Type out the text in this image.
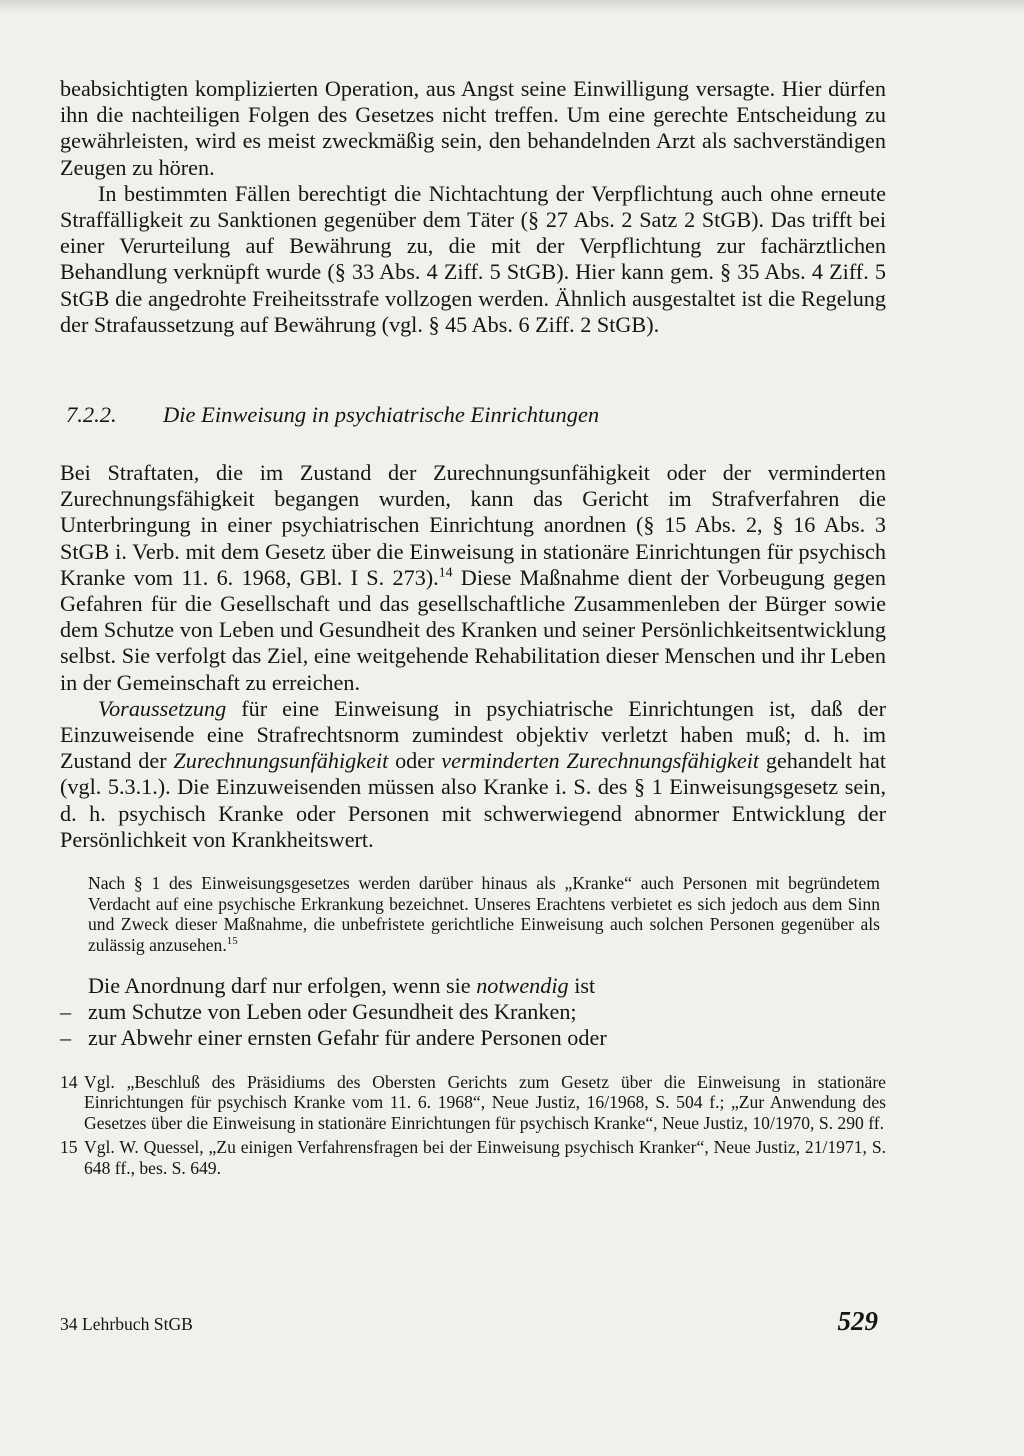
beabsichtigten komplizierten Operation, aus Angst seine Einwilligung versagte. Hier dürfen ihn die nachteiligen Folgen des Gesetzes nicht treffen. Um eine gerechte Entscheidung zu gewährleisten, wird es meist zweckmäßig sein, den behandelnden Arzt als sachverständigen Zeugen zu hören.

In bestimmten Fällen berechtigt die Nichtachtung der Verpflichtung auch ohne erneute Straffälligkeit zu Sanktionen gegenüber dem Täter (§ 27 Abs. 2 Satz 2 StGB). Das trifft bei einer Verurteilung auf Bewährung zu, die mit der Verpflichtung zur fachärztlichen Behandlung verknüpft wurde (§ 33 Abs. 4 Ziff. 5 StGB). Hier kann gem. § 35 Abs. 4 Ziff. 5 StGB die angedrohte Freiheitsstrafe vollzogen werden. Ähnlich ausgestaltet ist die Regelung der Strafaussetzung auf Bewährung (vgl. § 45 Abs. 6 Ziff. 2 StGB).

7.2.2.	Die Einweisung in psychiatrische Einrichtungen

Bei Straftaten, die im Zustand der Zurechnungsunfähigkeit oder der verminderten Zurechnungsfähigkeit begangen wurden, kann das Gericht im Strafverfahren die Unterbringung in einer psychiatrischen Einrichtung anordnen (§ 15 Abs. 2, § 16 Abs. 3 StGB i. Verb. mit dem Gesetz über die Einweisung in stationäre Einrichtungen für psychisch Kranke vom 11. 6. 1968, GBl. I S. 273).$^{14}$ Diese Maßnahme dient der Vorbeugung gegen Gefahren für die Gesellschaft und das gesellschaftliche Zusammenleben der Bürger sowie dem Schutze von Leben und Gesundheit des Kranken und seiner Persönlichkeitsentwicklung selbst. Sie verfolgt das Ziel, eine weitgehende Rehabilitation dieser Menschen und ihr Leben in der Gemeinschaft zu erreichen.

Voraussetzung für eine Einweisung in psychiatrische Einrichtungen ist, daß der Einzuweisende eine Strafrechtsnorm zumindest objektiv verletzt haben muß; d. h. im Zustand der Zurechnungsunfähigkeit oder verminderten Zurechnungsfähigkeit gehandelt hat (vgl. 5.3.1.). Die Einzuweisenden müssen also Kranke i. S. des § 1 Einweisungsgesetz sein, d. h. psychisch Kranke oder Personen mit schwerwiegend abnormer Entwicklung der Persönlichkeit von Krankheitswert.

Nach § 1 des Einweisungsgesetzes werden darüber hinaus als „Kranke“ auch Personen mit begründetem Verdacht auf eine psychische Erkrankung bezeichnet. Unseres Erachtens verbietet es sich jedoch aus dem Sinn und Zweck dieser Maßnahme, die unbefristete gerichtliche Einweisung auch solchen Personen gegenüber als zulässig anzusehen.$^{15}$

Die Anordnung darf nur erfolgen, wenn sie notwendig ist

– zum Schutze von Leben oder Gesundheit des Kranken;
– zur Abwehr einer ernsten Gefahr für andere Personen oder
14 Vgl. „Beschluß des Präsidiums des Obersten Gerichts zum Gesetz über die Einweisung in stationäre Einrichtungen für psychisch Kranke vom 11. 6. 1968“, Neue Justiz, 16/1968, S. 504 f.; „Zur Anwendung des Gesetzes über die Einweisung in stationäre Einrichtungen für psychisch Kranke“, Neue Justiz, 10/1970, S. 290 ff.
15 Vgl. W. Quessel, „Zu einigen Verfahrensfragen bei der Einweisung psychisch Kranker“, Neue Justiz, 21/1971, S. 648 ff., bes. S. 649.
34 Lehrbuch StGB	529
